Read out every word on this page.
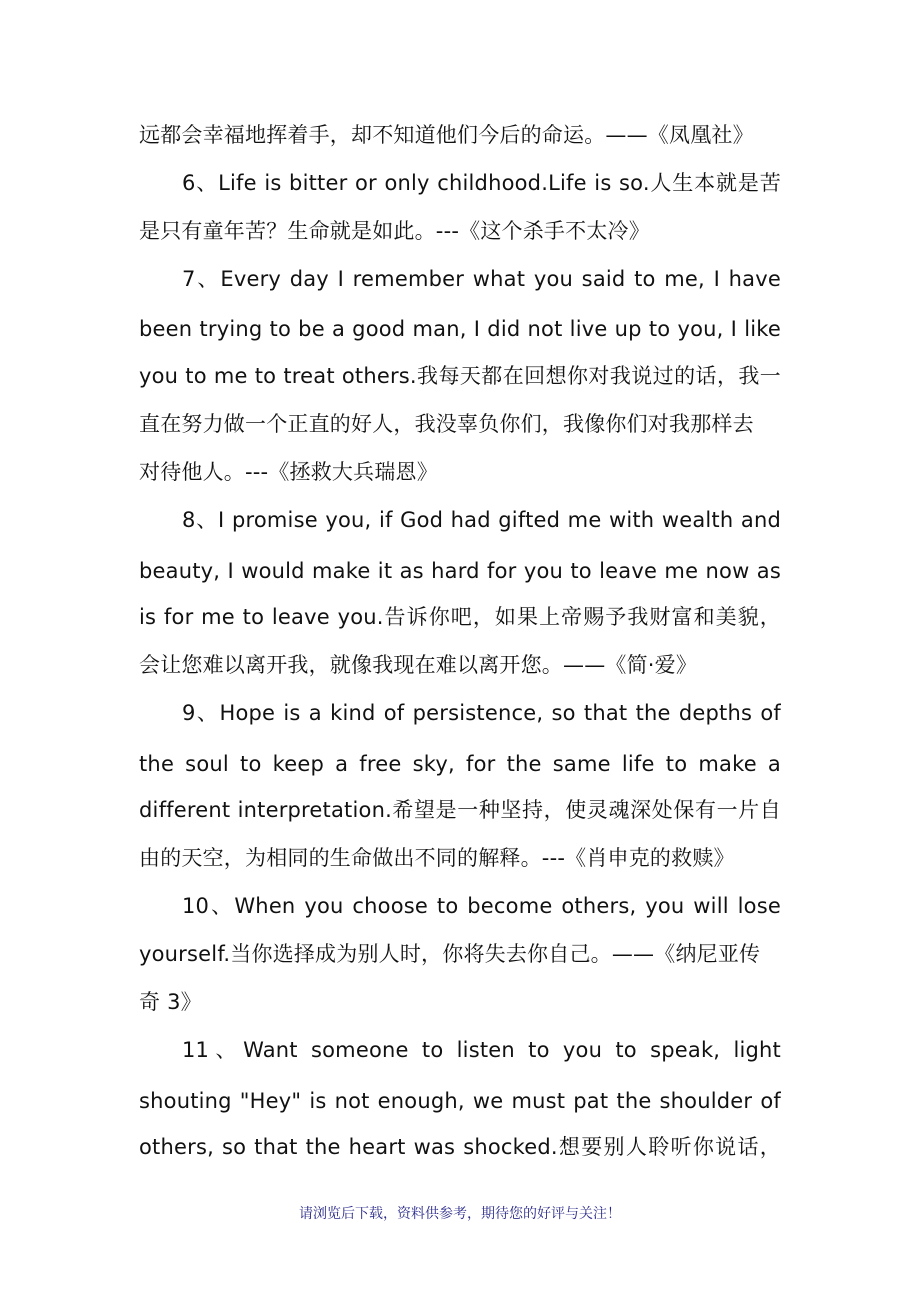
远都会幸福地挥着手，却不知道他们今后的命运。——《凤凰社》
6、Life is bitter or only childhood.Life is so.人生本就是苦
是只有童年苦？生命就是如此。---《这个杀手不太冷》
7、Every day I remember what you said to me, I have
been trying to be a good man, I did not live up to you, I like
you to me to treat others.我每天都在回想你对我说过的话，我一
直在努力做一个正直的好人，我没辜负你们，我像你们对我那样去
对待他人。---《拯救大兵瑞恩》
8、I promise you, if God had gifted me with wealth and
beauty, I would make it as hard for you to leave me now as
is for me to leave you.告诉你吧，如果上帝赐予我财富和美貌，
会让您难以离开我，就像我现在难以离开您。——《简·爱》
9、Hope is a kind of persistence, so that the depths of
the soul to keep a free sky, for the same life to make a
different interpretation.希望是一种坚持，使灵魂深处保有一片自
由的天空，为相同的生命做出不同的解释。---《肖申克的救赎》
10、When you choose to become others, you will lose
yourself.当你选择成为别人时，你将失去你自己。——《纳尼亚传
奇 3》
11、Want someone to listen to you to speak, light
shouting "Hey" is not enough, we must pat the shoulder of
others, so that the heart was shocked.想要别人聆听你说话，
请浏览后下载，资料供参考，期待您的好评与关注！
